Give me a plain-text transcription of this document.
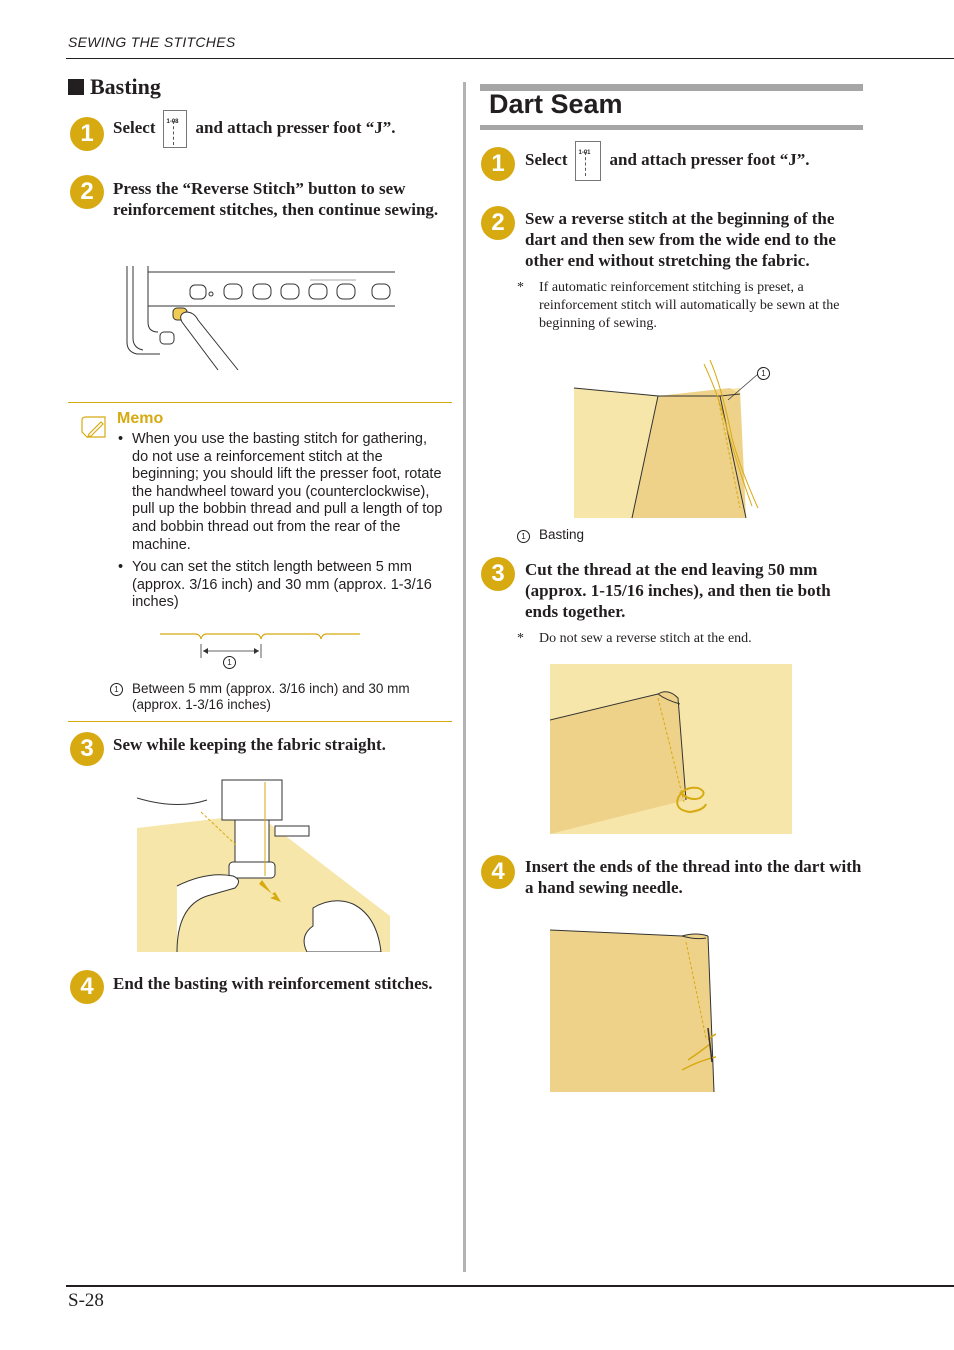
SEWING THE STITCHES
S-28
Basting
1	Select 1-08 and attach presser foot “J”.
2	Press the “Reverse Stitch” button to sew reinforcement stitches, then continue sewing.
Memo
• When you use the basting stitch for gathering, do not use a reinforcement stitch at the beginning; you should lift the presser foot, rotate the handwheel toward you (counterclockwise), pull up the bobbin thread and pull a length of top and bobbin thread out from the rear of the machine.
• You can set the stitch length between 5 mm (approx. 3/16 inch) and 30 mm (approx. 1-3/16 inches)
1
1 Between 5 mm (approx. 3/16 inch) and 30 mm (approx. 1-3/16 inches)
3	Sew while keeping the fabric straight.
4	End the basting with reinforcement stitches.
Dart Seam
1	Select 1-01 and attach presser foot “J”.
2	Sew a reverse stitch at the beginning of the dart and then sew from the wide end to the other end without stretching the fabric.
* If automatic reinforcement stitching is preset, a reinforcement stitch will automatically be sewn at the beginning of sewing.
1
1 Basting
3	Cut the thread at the end leaving 50 mm (approx. 1-15/16 inches), and then tie both ends together.
* Do not sew a reverse stitch at the end.
4	Insert the ends of the thread into the dart with a hand sewing needle.
